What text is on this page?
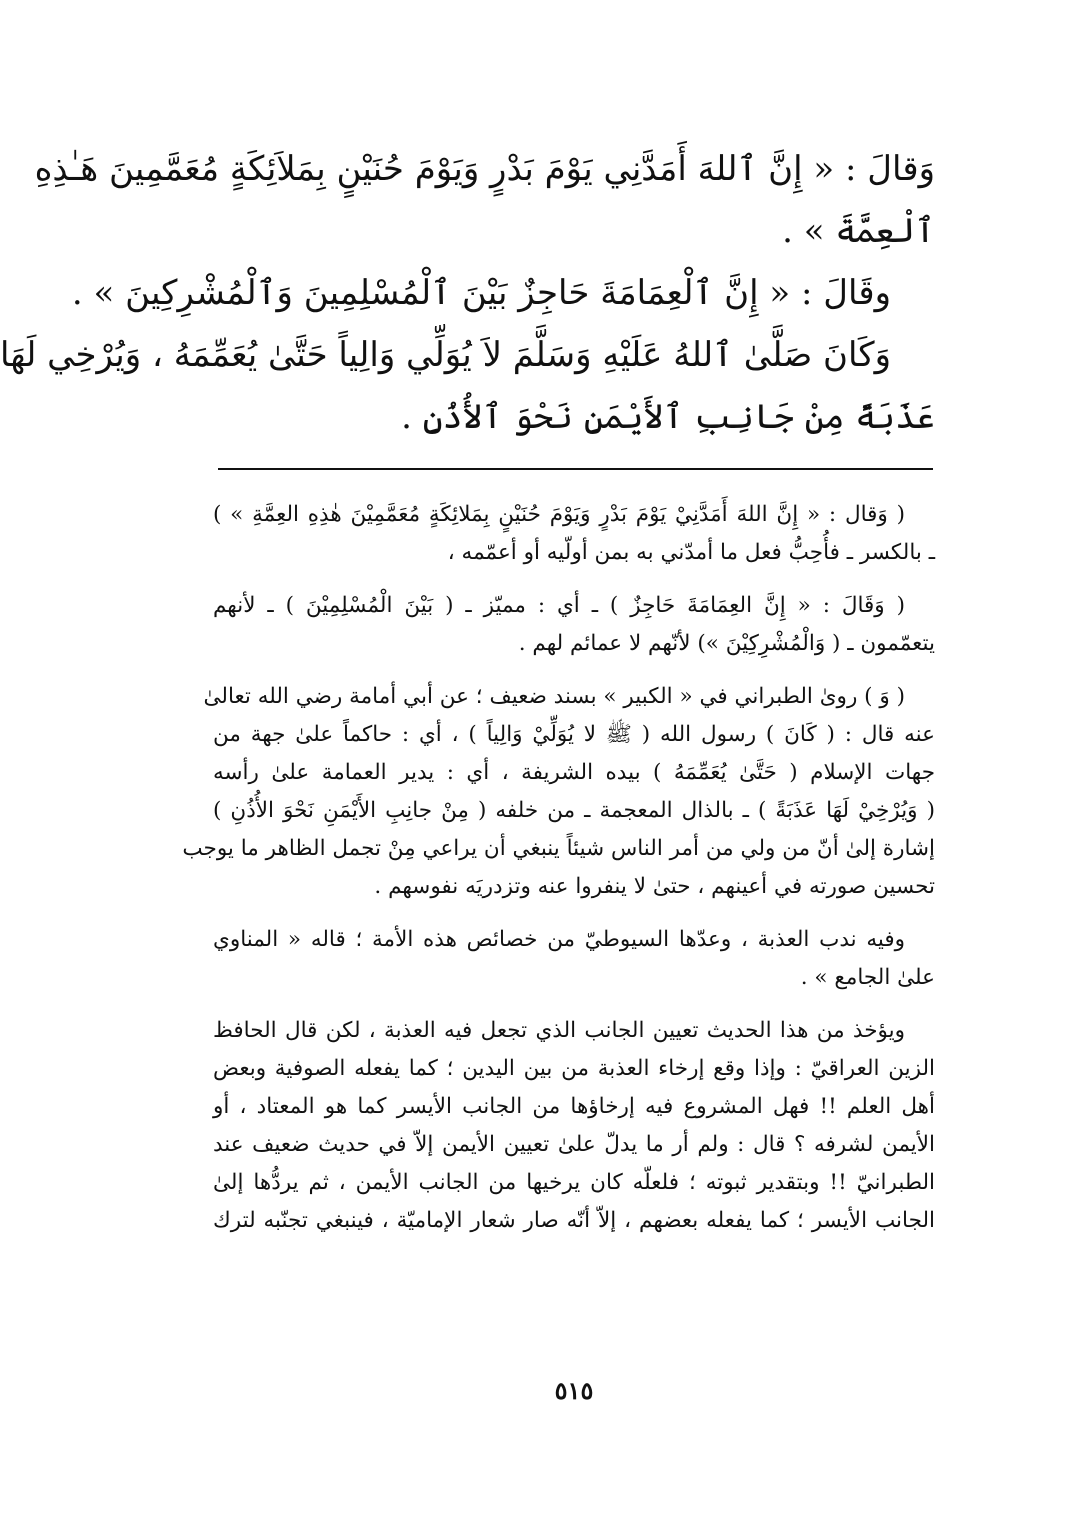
وَقالَ : « إِنَّ ٱللهَ أَمَدَّنِي يَوْمَ بَدْرٍ وَيَوْمَ حُنَيْنٍ بِمَلاَئِكَةٍ مُعَمَّمِينَ هَـٰذِهِ
ٱلْعِمَّةَ » .
وقَالَ : « إِنَّ ٱلْعِمَامَةَ حَاجِزٌ بَيْنَ ٱلْمُسْلِمِينَ وَٱلْمُشْرِكِينَ » .
وَكَانَ صَلَّىٰ ٱللهُ عَلَيْهِ وَسَلَّمَ لاَ يُوَلِّي وَالِياً حَتَّىٰ يُعَمِّمَهُ ، وَيُرْخِي لَهَا
عَذَبَةً مِنْ جَانِبِ ٱلأَيْمَنِ نَحْوَ ٱلأُذُنِ .
( وَقال : « إِنَّ اللهَ أَمَدَّنِيْ يَوْمَ بَدْرٍ وَيَوْمَ حُنَيْنٍ بِمَلائِكَةٍ مُعَمَّمِيْنَ هٰذِهِ العِمَّةِ » )
ـ بالكسر ـ فأُحِبُّ فعل ما أمدّني به بمن أولّيه أو أعمّمه ،
( وَقَالَ : « إِنَّ العِمَامَةَ حَاجِزٌ ) ـ أي : مميّز ـ ( بَيْنَ الْمُسْلِمِيْنَ ) ـ لأنهم
يتعمّمون ـ ( وَالْمُشْرِكِيْنَ ») لأنّهم لا عمائم لهم .
( وَ ) روىٰ الطبراني في « الكبير » بسند ضعيف ؛ عن أبي أمامة رضي الله تعالىٰ
عنه قال : ( كَانَ ) رسول الله ( ﷺ لا يُوَلِّيْ وَالِياً ) ، أي : حاكماً علىٰ جهة من
جهات الإسلام ( حَتَّىٰ يُعَمِّمَهُ ) بيده الشريفة ، أي : يدير العمامة علىٰ رأسه
( وَيُرْخِيْ لَهَا عَذَبَةً ) ـ بالذال المعجمة ـ من خلفه ( مِنْ جانِبِ الأَيْمَنِ نَحْوَ الأُذُنِ )
إشارة إلىٰ أنّ من ولي من أمر الناس شيئاً ينبغي أن يراعي مِنْ تجمل الظاهر ما يوجب
تحسين صورته في أعينهم ، حتىٰ لا ينفروا عنه وتزدريَه نفوسهم .
وفيه ندب العذبة ، وعدّها السيوطيّ من خصائص هذه الأمة ؛ قاله « المناوي
علىٰ الجامع » .
ويؤخذ من هذا الحديث تعيين الجانب الذي تجعل فيه العذبة ، لكن قال الحافظ
الزين العراقيّ : وإذا وقع إرخاء العذبة من بين اليدين ؛ كما يفعله الصوفية وبعض
أهل العلم !! فهل المشروع فيه إرخاؤها من الجانب الأيسر كما هو المعتاد ، أو
الأيمن لشرفه ؟ قال : ولم أر ما يدلّ علىٰ تعيين الأيمن إلاّ في حديث ضعيف عند
الطبرانيّ !! وبتقدير ثبوته ؛ فلعلّه كان يرخيها من الجانب الأيمن ، ثم يردُّها إلىٰ
الجانب الأيسر ؛ كما يفعله بعضهم ، إلاّ أنّه صار شعار الإماميّة ، فينبغي تجنّبه لترك
٥١٥
